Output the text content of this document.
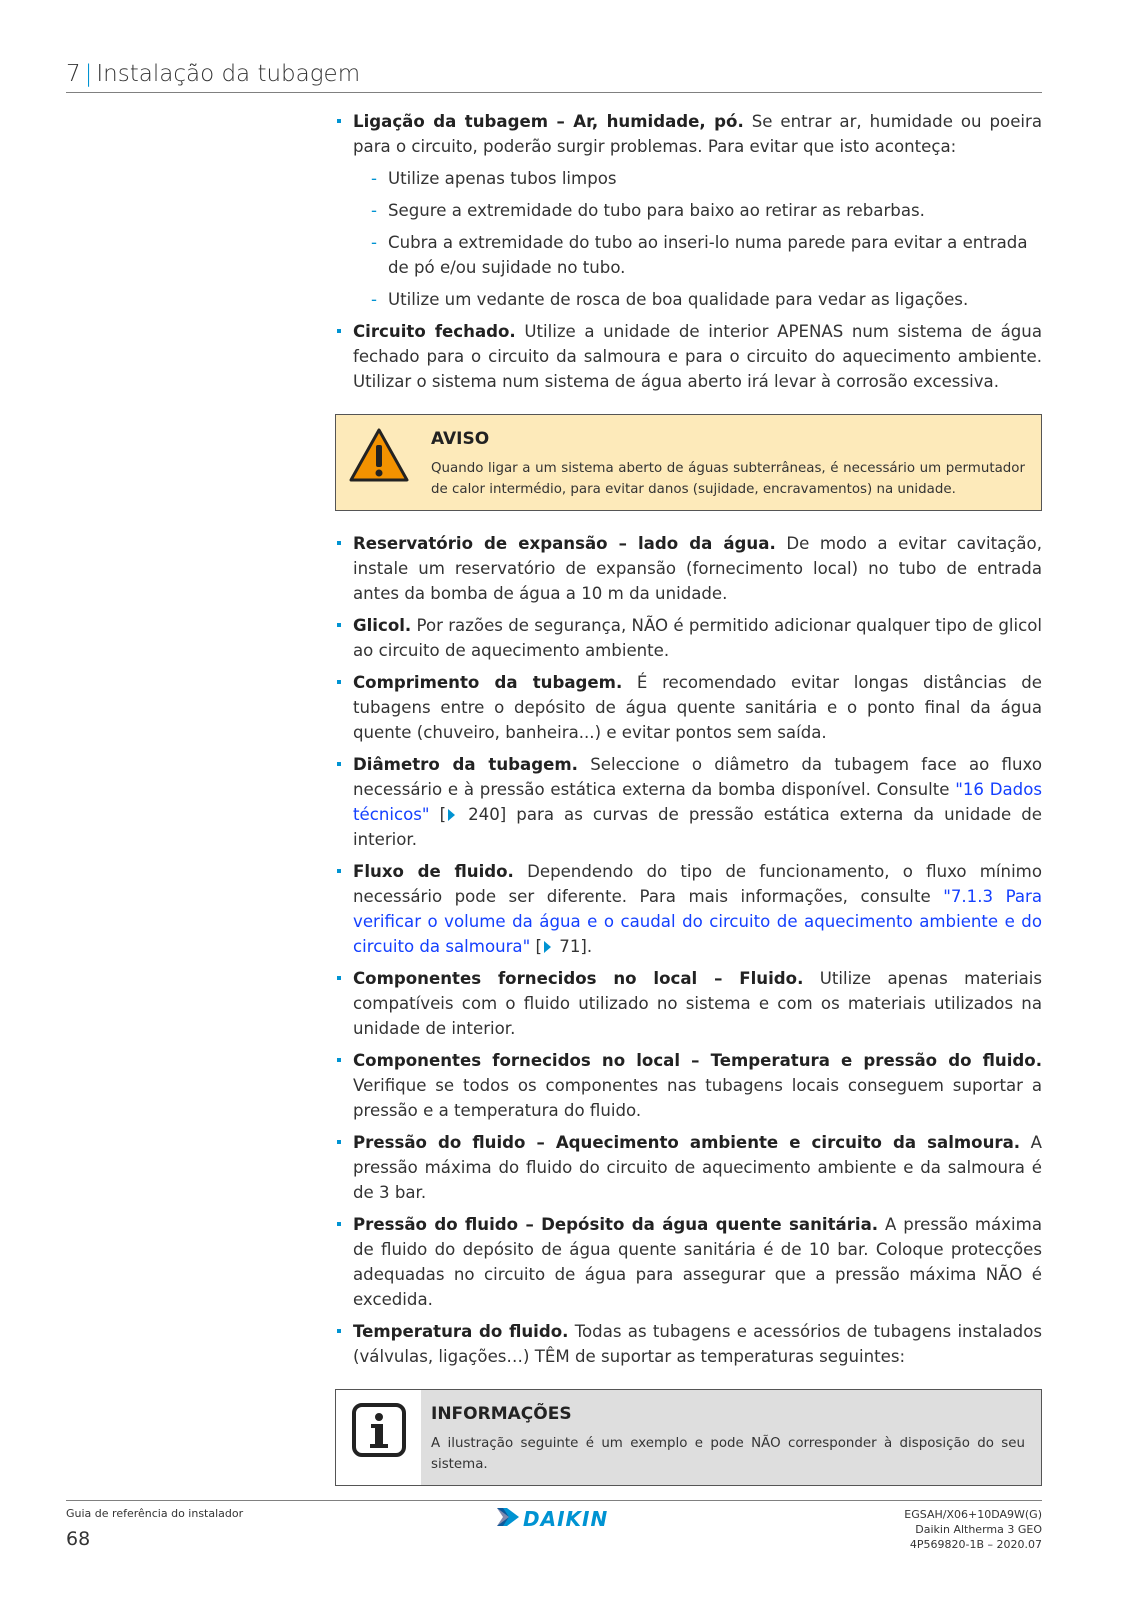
7 | Instalação da tubagem
Ligação da tubagem – Ar, humidade, pó. Se entrar ar, humidade ou poeira para o circuito, poderão surgir problemas. Para evitar que isto aconteça:
- Utilize apenas tubos limpos
- Segure a extremidade do tubo para baixo ao retirar as rebarbas.
- Cubra a extremidade do tubo ao inseri-lo numa parede para evitar a entrada de pó e/ou sujidade no tubo.
- Utilize um vedante de rosca de boa qualidade para vedar as ligações.
Circuito fechado. Utilize a unidade de interior APENAS num sistema de água fechado para o circuito da salmoura e para o circuito do aquecimento ambiente. Utilizar o sistema num sistema de água aberto irá levar à corrosão excessiva.
AVISO
Quando ligar a um sistema aberto de águas subterrâneas, é necessário um permutador de calor intermédio, para evitar danos (sujidade, encravamentos) na unidade.
Reservatório de expansão – lado da água. De modo a evitar cavitação, instale um reservatório de expansão (fornecimento local) no tubo de entrada antes da bomba de água a 10 m da unidade.
Glicol. Por razões de segurança, NÃO é permitido adicionar qualquer tipo de glicol ao circuito de aquecimento ambiente.
Comprimento da tubagem. É recomendado evitar longas distâncias de tubagens entre o depósito de água quente sanitária e o ponto final da água quente (chuveiro, banheira...) e evitar pontos sem saída.
Diâmetro da tubagem. Seleccione o diâmetro da tubagem face ao fluxo necessário e à pressão estática externa da bomba disponível. Consulte "16 Dados técnicos" [ 240] para as curvas de pressão estática externa da unidade de interior.
Fluxo de fluido. Dependendo do tipo de funcionamento, o fluxo mínimo necessário pode ser diferente. Para mais informações, consulte "7.1.3 Para verificar o volume da água e o caudal do circuito de aquecimento ambiente e do circuito da salmoura" [ 71].
Componentes fornecidos no local – Fluido. Utilize apenas materiais compatíveis com o fluido utilizado no sistema e com os materiais utilizados na unidade de interior.
Componentes fornecidos no local – Temperatura e pressão do fluido. Verifique se todos os componentes nas tubagens locais conseguem suportar a pressão e a temperatura do fluido.
Pressão do fluido – Aquecimento ambiente e circuito da salmoura. A pressão máxima do fluido do circuito de aquecimento ambiente e da salmoura é de 3 bar.
Pressão do fluido – Depósito da água quente sanitária. A pressão máxima de fluido do depósito de água quente sanitária é de 10 bar. Coloque protecções adequadas no circuito de água para assegurar que a pressão máxima NÃO é excedida.
Temperatura do fluido. Todas as tubagens e acessórios de tubagens instalados (válvulas, ligações…) TÊM de suportar as temperaturas seguintes:
INFORMAÇÕES
A ilustração seguinte é um exemplo e pode NÃO corresponder à disposição do seu sistema.
Guia de referência do instalador
68
DAIKIN	EGSAH/X06+10DA9W(G)
Daikin Altherma 3 GEO
4P569820-1B – 2020.07
